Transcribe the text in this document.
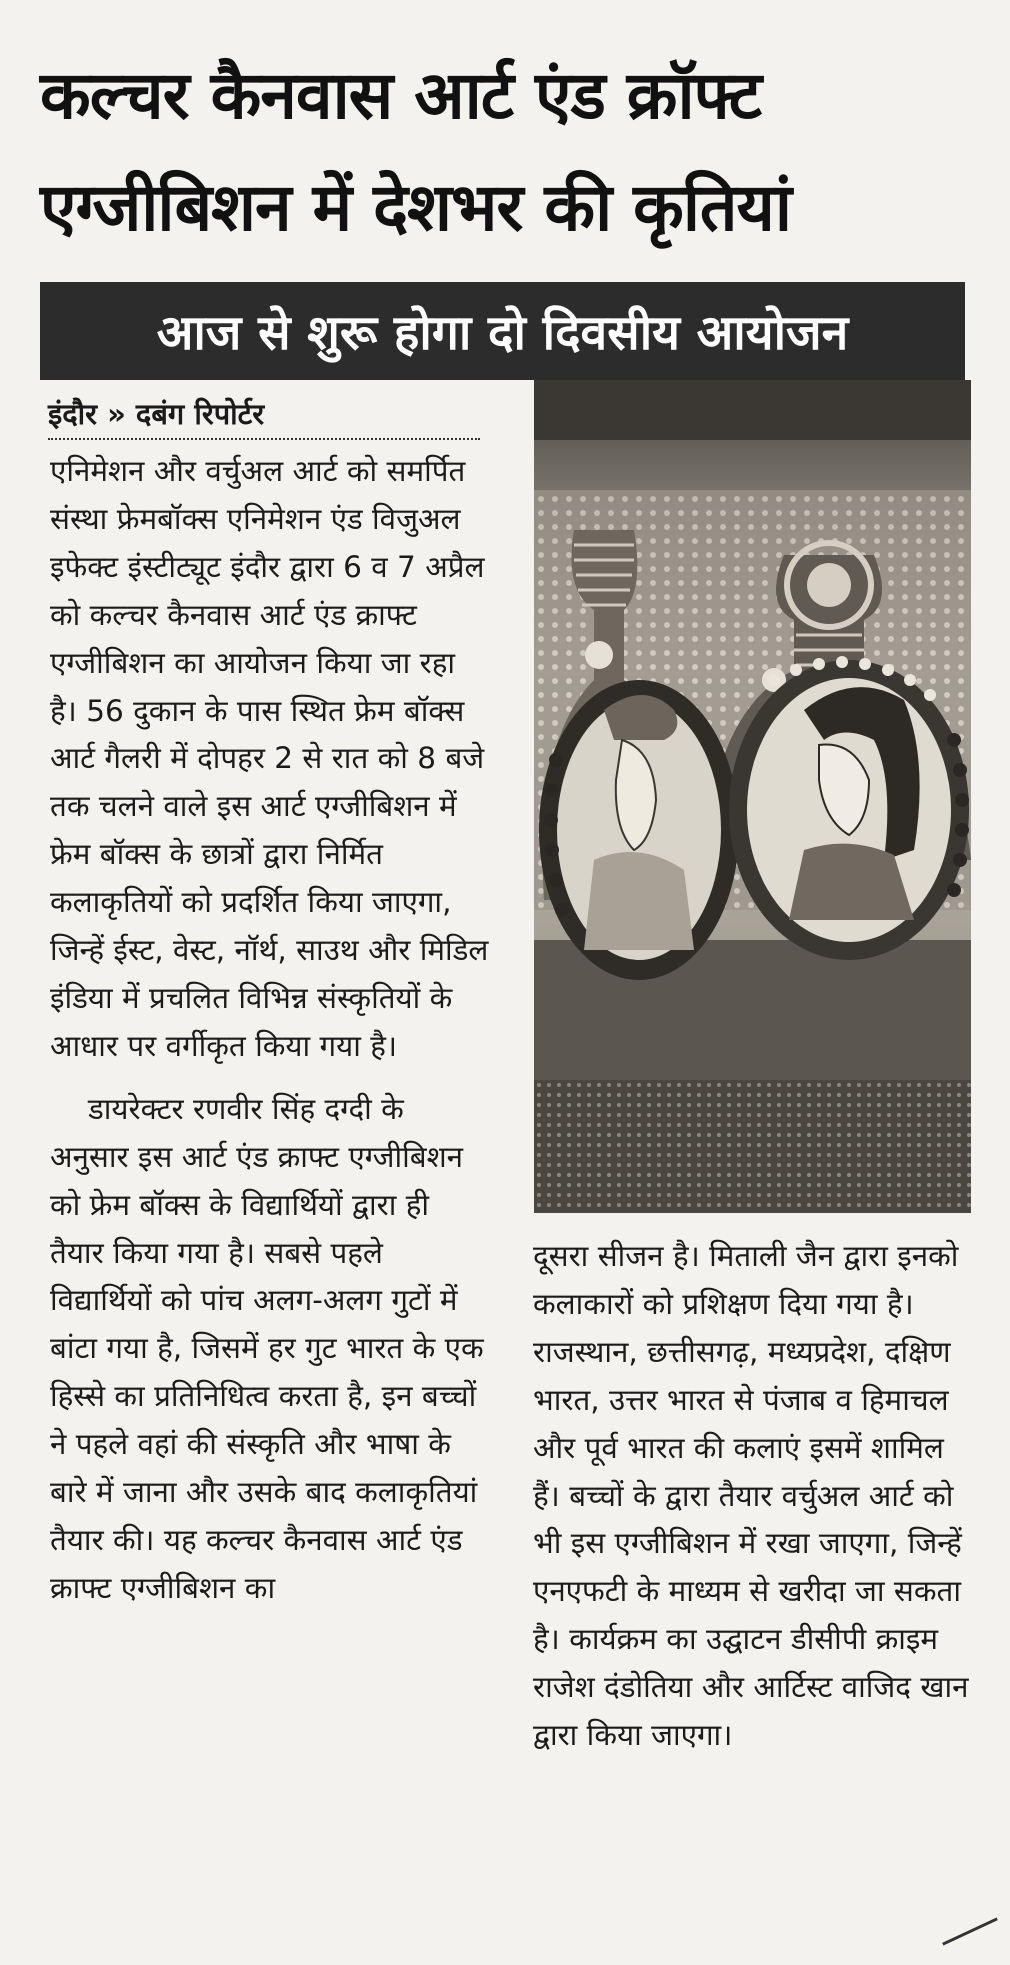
कल्चर कैनवास आर्ट एंड क्रॉफ्ट
एग्जीबिशन में देशभर की कृतियां
आज से शुरू होगा दो दिवसीय आयोजन
इंदौर » दबंग रिपोर्टर

एनिमेशन और वर्चुअल आर्ट को समर्पित संस्था फ्रेमबॉक्स एनिमेशन एंड विजुअल इफेक्ट इंस्टीट्यूट इंदौर द्वारा 6 व 7 अप्रैल को कल्चर कैनवास आर्ट एंड क्राफ्ट एग्जीबिशन का आयोजन किया जा रहा है। 56 दुकान के पास स्थित फ्रेम बॉक्स आर्ट गैलरी में दोपहर 2 से रात को 8 बजे तक चलने वाले इस आर्ट एग्जीबिशन में फ्रेम बॉक्स के छात्रों द्वारा निर्मित कलाकृतियों को प्रदर्शित किया जाएगा, जिन्हें ईस्ट, वेस्ट, नॉर्थ, साउथ और मिडिल इंडिया में प्रचलित विभिन्न संस्कृतियों के आधार पर वर्गीकृत किया गया है।

डायरेक्टर रणवीर सिंह दग्दी के अनुसार इस आर्ट एंड क्राफ्ट एग्जीबिशन को फ्रेम बॉक्स के विद्यार्थियों द्वारा ही तैयार किया गया है। सबसे पहले विद्यार्थियों को पांच अलग-अलग गुटों में बांटा गया है, जिसमें हर गुट भारत के एक हिस्से का प्रतिनिधित्व करता है, इन बच्चों ने पहले वहां की संस्कृति और भाषा के बारे में जाना और उसके बाद कलाकृतियां तैयार की। यह कल्चर कैनवास आर्ट एंड क्राफ्ट एग्जीबिशन का

दूसरा सीजन है। मिताली जैन द्वारा इनको कलाकारों को प्रशिक्षण दिया गया है। राजस्थान, छत्तीसगढ़, मध्यप्रदेश, दक्षिण भारत, उत्तर भारत से पंजाब व हिमाचल और पूर्व भारत की कलाएं इसमें शामिल हैं। बच्चों के द्वारा तैयार वर्चुअल आर्ट को भी इस एग्जीबिशन में रखा जाएगा, जिन्हें एनएफटी के माध्यम से खरीदा जा सकता है। कार्यक्रम का उद्घाटन डीसीपी क्राइम राजेश दंडोतिया और आर्टिस्ट वाजिद खान द्वारा किया जाएगा।
